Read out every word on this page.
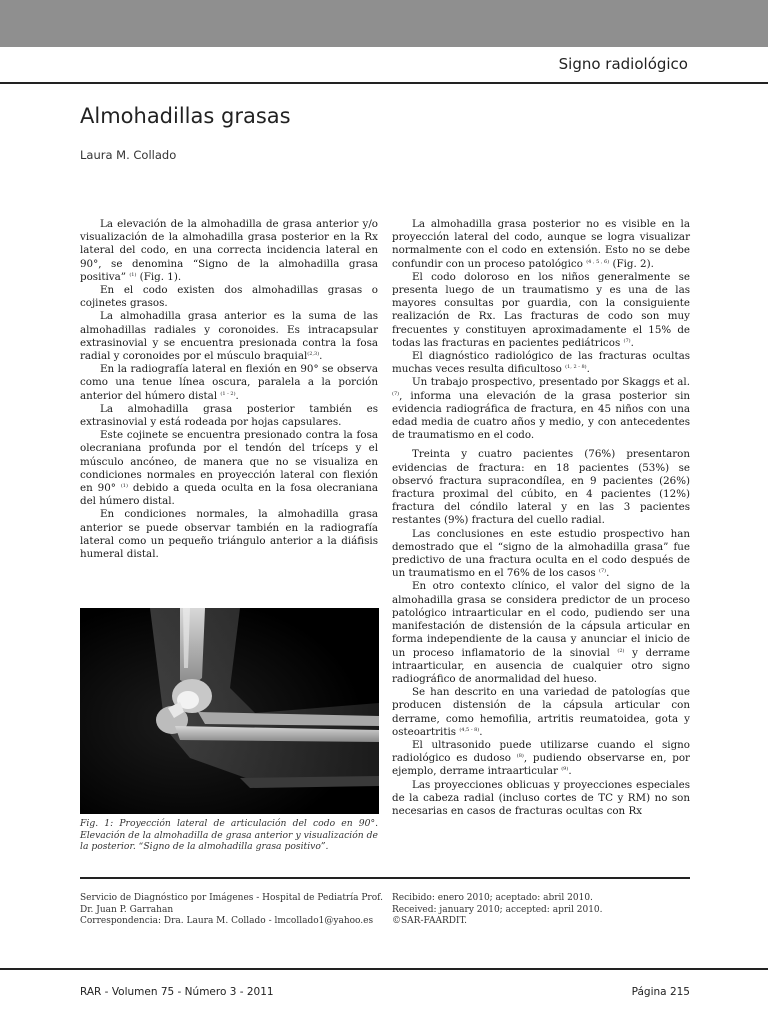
Signo radiológico
Almohadillas grasas
Laura M. Collado

La elevación de la almohadilla de grasa anterior y/o visualización de la almohadilla grasa posterior en la Rx lateral del codo, en una correcta incidencia lateral en 90°, se denomina “Signo de la almohadilla grasa positiva” $^{(1)}$ (Fig. 1).

En el codo existen dos almohadillas grasas o cojinetes grasos.

La almohadilla grasa anterior es la suma de las almohadillas radiales y coronoides. Es intracapsular extrasinovial y se encuentra presionada contra la fosa radial y coronoides por el músculo braquial$^{(2,3)}$.

En la radiografía lateral en flexión en 90° se observa como una tenue línea oscura, paralela a la porción anterior del húmero distal $^{(1 - 2)}$.

La almohadilla grasa posterior también es extrasinovial y está rodeada por hojas capsulares.

Este cojinete se encuentra presionado contra la fosa olecraniana profunda por el tendón del tríceps y el músculo ancóneo, de manera que no se visualiza en condiciones normales en proyección lateral con flexión en 90° $^{(1)}$ debido a queda oculta en la fosa olecraniana del húmero distal.

En condiciones normales, la almohadilla grasa anterior se puede observar también en la radiografía lateral como un pequeño triángulo anterior a la diáfisis humeral distal.

Fig. 1: Proyección lateral de articulación del codo en 90°. Elevación de la almohadilla de grasa anterior y visualización de la posterior. “Signo de la almohadilla grasa positivo”.

La almohadilla grasa posterior no es visible en la proyección lateral del codo, aunque se logra visualizar normalmente con el codo en extensión. Esto no se debe confundir con un proceso patológico $^{(4 , 5 , 6)}$ (Fig. 2).

El codo doloroso en los niños generalmente se presenta luego de un traumatismo y es una de las mayores consultas por guardia, con la consiguiente realización de Rx. Las fracturas de codo son muy frecuentes y constituyen aproximadamente el 15% de todas las fracturas en pacientes pediátricos $^{(7)}$.

El diagnóstico radiológico de las fracturas ocultas muchas veces resulta dificultoso $^{(1, 2 - 8)}$.

Un trabajo prospectivo, presentado por Skaggs et al. $^{(7)}$, informa una elevación de la grasa posterior sin evidencia radiográfica de fractura, en 45 niños con una edad media de cuatro años y medio, y con antecedentes de traumatismo en el codo.

Treinta y cuatro pacientes (76%) presentaron evidencias de fractura: en 18 pacientes (53%) se observó fractura supracondílea, en 9 pacientes (26%) fractura proximal del cúbito, en 4 pacientes (12%) fractura del cóndilo lateral y en las 3 pacientes restantes (9%) fractura del cuello radial.

Las conclusiones en este estudio prospectivo han demostrado que el “signo de la almohadilla grasa” fue predictivo de una fractura oculta en el codo después de un traumatismo en el 76% de los casos $^{(7)}$.

En otro contexto clínico, el valor del signo de la almohadilla grasa se considera predictor de un proceso patológico intraarticular en el codo, pudiendo ser una manifestación de distensión de la cápsula articular en forma independiente de la causa y anunciar el inicio de un proceso inflamatorio de la sinovial $^{(2)}$ y derrame intraarticular, en ausencia de cualquier otro signo radiográfico de anormalidad del hueso.

Se han descrito en una variedad de patologías que producen distensión de la cápsula articular con derrame, como hemofilia, artritis reumatoidea, gota y osteoartritis $^{(4,5 - 8)}$.

El ultrasonido puede utilizarse cuando el signo radiológico es dudoso $^{(8)}$, pudiendo observarse en, por ejemplo, derrame intraarticular $^{(9)}$.

Las proyecciones oblicuas y proyecciones especiales de la cabeza radial (incluso cortes de TC y RM) no son necesarias en casos de fracturas ocultas con Rx

Servicio de Diagnóstico por Imágenes - Hospital de Pediatría Prof.
Dr. Juan P. Garrahan
Correspondencia: Dra. Laura M. Collado - lmcollado1@yahoo.es
Recibido: enero 2010; aceptado: abril 2010.
Received: january 2010; accepted: april 2010.
©SAR-FAARDIT.
RAR - Volumen 75 - Número 3 - 2011	Página 215
